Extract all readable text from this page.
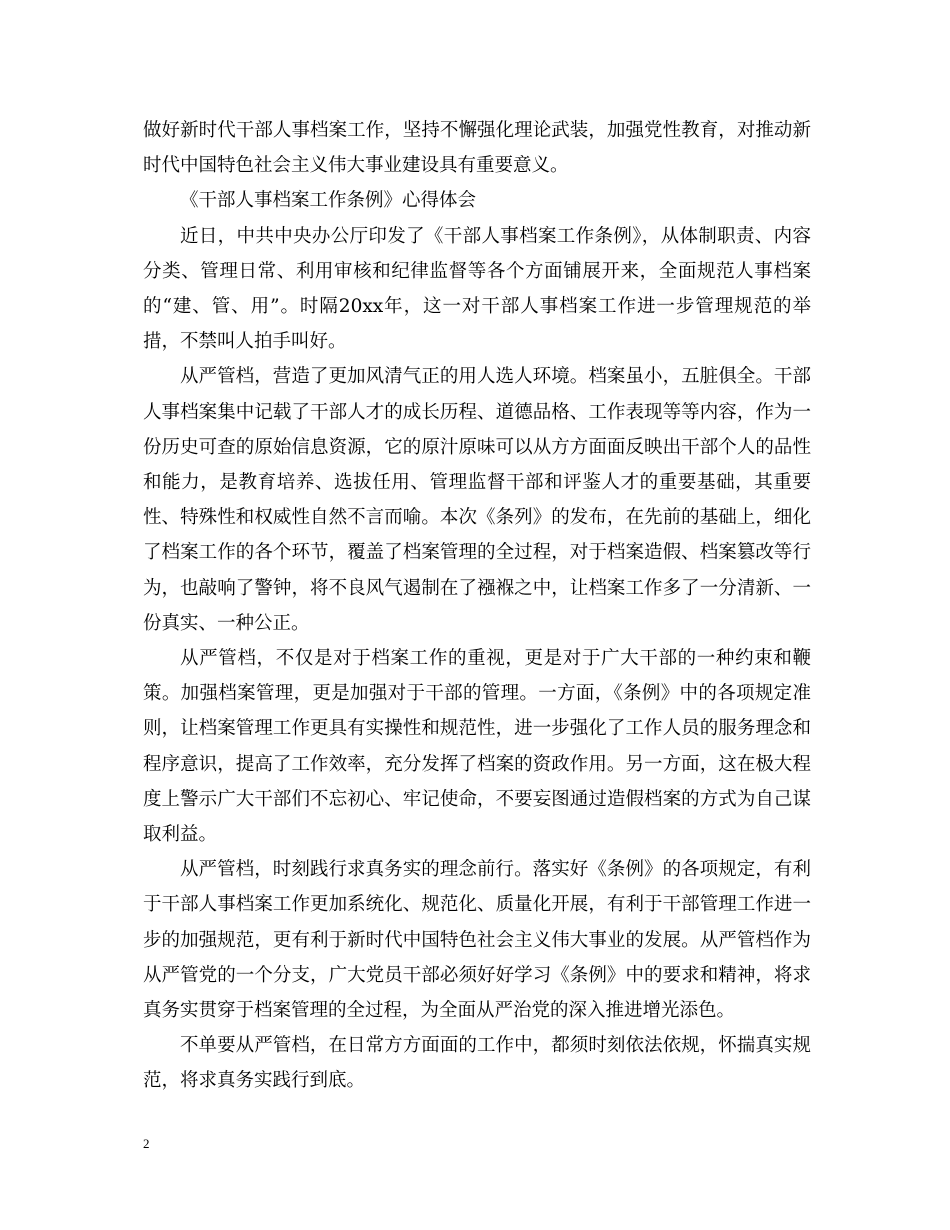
做好新时代干部人事档案工作，坚持不懈强化理论武装，加强党性教育，对推动新时代中国特色社会主义伟大事业建设具有重要意义。

《干部人事档案工作条例》心得体会

近日，中共中央办公厅印发了《干部人事档案工作条例》，从体制职责、内容分类、管理日常、利用审核和纪律监督等各个方面铺展开来，全面规范人事档案的“建、管、用”。时隔20xx年，这一对干部人事档案工作进一步管理规范的举措，不禁叫人拍手叫好。

从严管档，营造了更加风清气正的用人选人环境。档案虽小，五脏俱全。干部人事档案集中记载了干部人才的成长历程、道德品格、工作表现等等内容，作为一份历史可查的原始信息资源，它的原汁原味可以从方方面面反映出干部个人的品性和能力，是教育培养、选拔任用、管理监督干部和评鉴人才的重要基础，其重要性、特殊性和权威性自然不言而喻。本次《条列》的发布，在先前的基础上，细化了档案工作的各个环节，覆盖了档案管理的全过程，对于档案造假、档案篡改等行为，也敲响了警钟，将不良风气遏制在了襁褓之中，让档案工作多了一分清新、一份真实、一种公正。

从严管档，不仅是对于档案工作的重视，更是对于广大干部的一种约束和鞭策。加强档案管理，更是加强对于干部的管理。一方面，《条例》中的各项规定准则，让档案管理工作更具有实操性和规范性，进一步强化了工作人员的服务理念和程序意识，提高了工作效率，充分发挥了档案的资政作用。另一方面，这在极大程度上警示广大干部们不忘初心、牢记使命，不要妄图通过造假档案的方式为自己谋取利益。

从严管档，时刻践行求真务实的理念前行。落实好《条例》的各项规定，有利于干部人事档案工作更加系统化、规范化、质量化开展，有利于干部管理工作进一步的加强规范，更有利于新时代中国特色社会主义伟大事业的发展。从严管档作为从严管党的一个分支，广大党员干部必须好好学习《条例》中的要求和精神，将求真务实贯穿于档案管理的全过程，为全面从严治党的深入推进增光添色。

不单要从严管档，在日常方方面面的工作中，都须时刻依法依规，怀揣真实规范，将求真务实践行到底。

2
